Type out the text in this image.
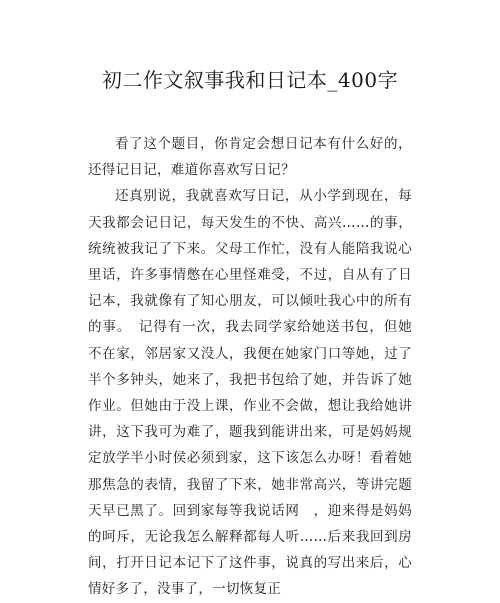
初二作文叙事我和日记本_400字

看了这个题目，你肯定会想日记本有什么好的，还得记日记，难道你喜欢写日记？

还真别说，我就喜欢写日记，从小学到现在，每天我都会记日记，每天发生的不快、高兴……的事，统统被我记了下来。父母工作忙，没有人能陪我说心里话，许多事情憋在心里怪难受，不过，自从有了日记本，我就像有了知心朋友，可以倾吐我心中的所有的事。　记得有一次，我去同学家给她送书包，但她不在家，邻居家又没人，我便在她家门口等她，过了半个多钟头，她来了，我把书包给了她，并告诉了她作业。但她由于没上课，作业不会做，想让我给她讲讲，这下我可为难了，题我到能讲出来，可是妈妈规定放学半小时侯必须到家，这下该怎么办呀！看着她那焦急的表情，我留了下来，她非常高兴，等讲完题天早已黑了。回到家每等我说话网　，迎来得是妈妈的呵斥，无论我怎么解释都每人听……后来我回到房间，打开日记本记下了这件事，说真的写出来后，心情好多了，没事了，一切恢复正
